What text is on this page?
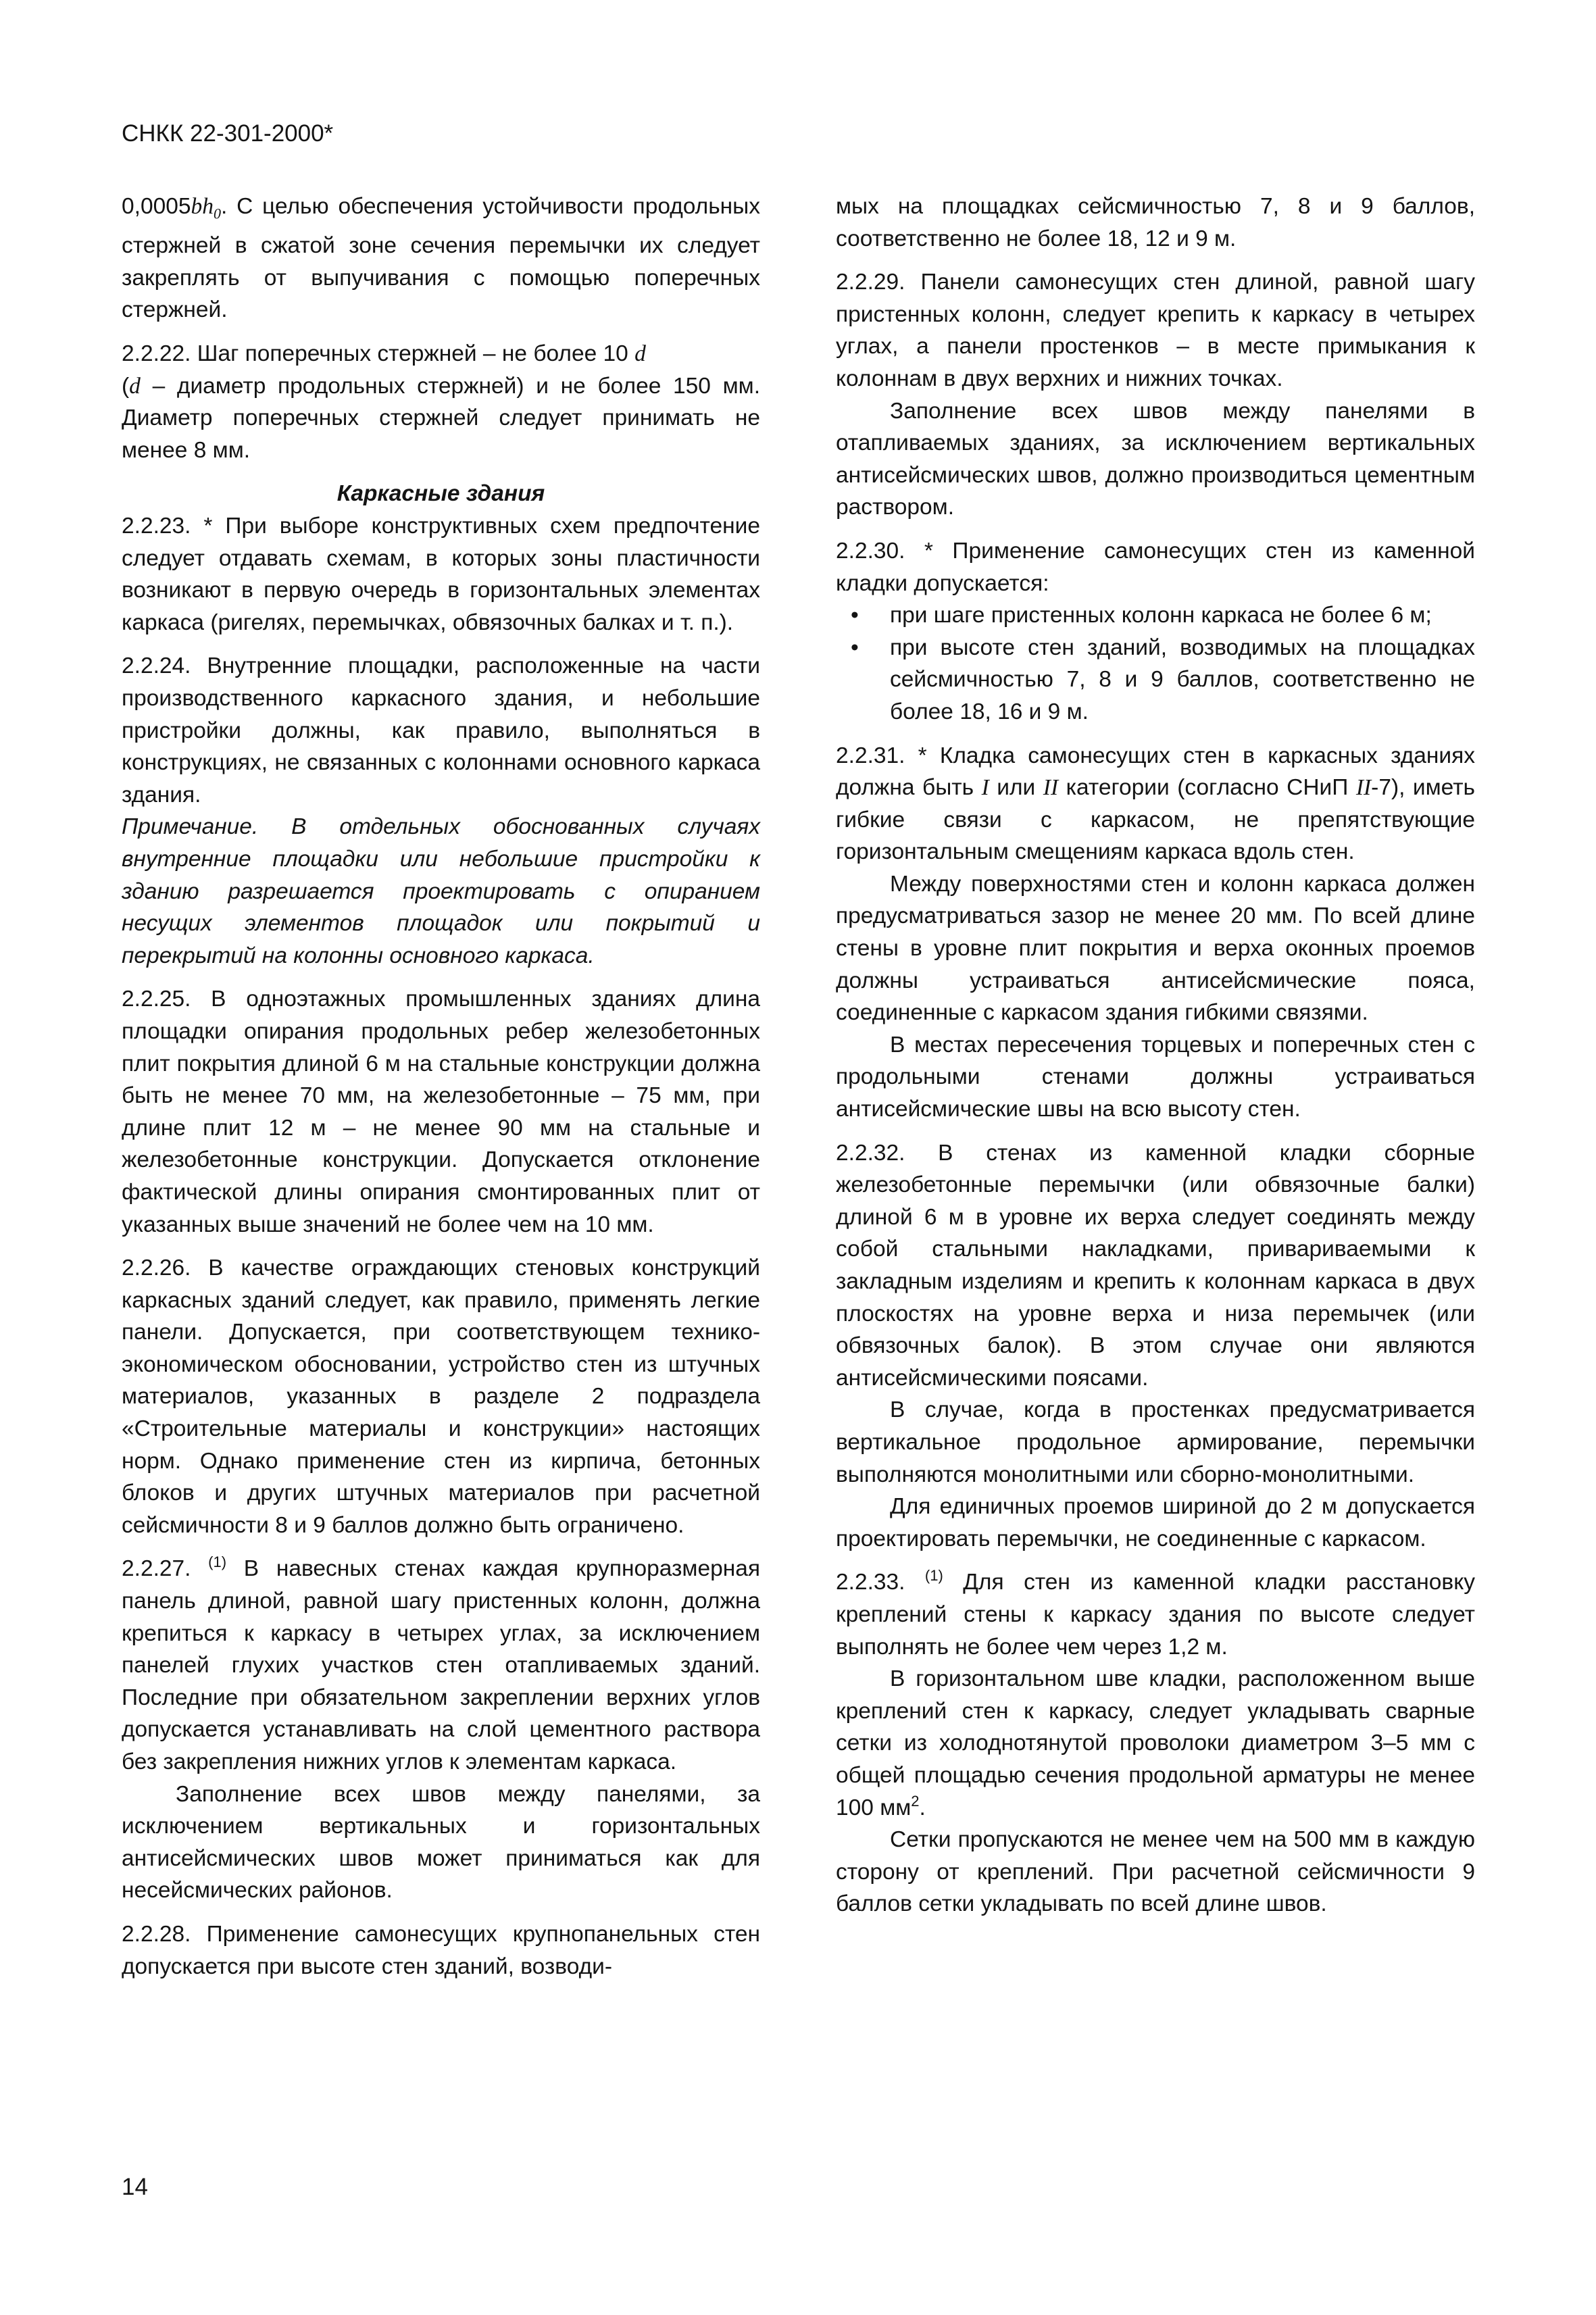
СНКК 22-301-2000*

$0,0005bh_0$. С целью обеспечения устойчивости продольных стержней в сжатой зоне сечения перемычки их следует закреплять от выпучивания с помощью поперечных стержней.

2.2.22. Шаг поперечных стержней – не более 10 d
(d – диаметр продольных стержней) и не более 150 мм. Диаметр поперечных стержней следует принимать не менее 8 мм.

Каркасные здания

2.2.23. * При выборе конструктивных схем предпочтение следует отдавать схемам, в которых зоны пластичности возникают в первую очередь в горизонтальных элементах каркаса (ригелях, перемычках, обвязочных балках и т. п.).

2.2.24. Внутренние площадки, расположенные на части производственного каркасного здания, и небольшие пристройки должны, как правило, выполняться в конструкциях, не связанных с колоннами основного каркаса здания.

Примечание. В отдельных обоснованных случаях внутренние площадки или небольшие пристройки к зданию разрешается проектировать с опиранием несущих элементов площадок или покрытий и перекрытий на колонны основного каркаса.

2.2.25. В одноэтажных промышленных зданиях длина площадки опирания продольных ребер железобетонных плит покрытия длиной 6 м на стальные конструкции должна быть не менее 70 мм, на железобетонные – 75 мм, при длине плит 12 м – не менее 90 мм на стальные и железобетонные конструкции. Допускается отклонение фактической длины опирания смонтированных плит от указанных выше значений не более чем на 10 мм.

2.2.26. В качестве ограждающих стеновых конструкций каркасных зданий следует, как правило, применять легкие панели. Допускается, при соответствующем технико-экономическом обосновании, устройство стен из штучных материалов, указанных в разделе 2 подраздела «Строительные материалы и конструкции» настоящих норм. Однако применение стен из кирпича, бетонных блоков и других штучных материалов при расчетной сейсмичности 8 и 9 баллов должно быть ограничено.

2.2.27. $^{(1)}$ В навесных стенах каждая крупноразмерная панель длиной, равной шагу пристенных колонн, должна крепиться к каркасу в четырех углах, за исключением панелей глухих участков стен отапливаемых зданий. Последние при обязательном закреплении верхних углов допускается устанавливать на слой цементного раствора без закрепления нижних углов к элементам каркаса.

Заполнение всех швов между панелями, за исключением вертикальных и горизонтальных антисейсмических швов может приниматься как для несейсмических районов.

2.2.28. Применение самонесущих крупнопанельных стен допускается при высоте стен зданий, возводи-

мых на площадках сейсмичностью 7, 8 и 9 баллов, соответственно не более 18, 12 и 9 м.

2.2.29. Панели самонесущих стен длиной, равной шагу пристенных колонн, следует крепить к каркасу в четырех углах, а панели простенков – в месте примыкания к колоннам в двух верхних и нижних точках.

Заполнение всех швов между панелями в отапливаемых зданиях, за исключением вертикальных антисейсмических швов, должно производиться цементным раствором.

2.2.30. * Применение самонесущих стен из каменной кладки допускается:

• при шаге пристенных колонн каркаса не более 6 м;
• при высоте стен зданий, возводимых на площадках сейсмичностью 7, 8 и 9 баллов, соответственно не более 18, 16 и 9 м.

2.2.31. * Кладка самонесущих стен в каркасных зданиях должна быть I или II категории (согласно СНиП II-7), иметь гибкие связи с каркасом, не препятствующие горизонтальным смещениям каркаса вдоль стен.

Между поверхностями стен и колонн каркаса должен предусматриваться зазор не менее 20 мм. По всей длине стены в уровне плит покрытия и верха оконных проемов должны устраиваться антисейсмические пояса, соединенные с каркасом здания гибкими связями.

В местах пересечения торцевых и поперечных стен с продольными стенами должны устраиваться антисейсмические швы на всю высоту стен.

2.2.32. В стенах из каменной кладки сборные железобетонные перемычки (или обвязочные балки) длиной 6 м в уровне их верха следует соединять между собой стальными накладками, привариваемыми к закладным изделиям и крепить к колоннам каркаса в двух плоскостях на уровне верха и низа перемычек (или обвязочных балок). В этом случае они являются антисейсмическими поясами.

В случае, когда в простенках предусматривается вертикальное продольное армирование, перемычки выполняются монолитными или сборно-монолитными.

Для единичных проемов шириной до 2 м допускается проектировать перемычки, не соединенные с каркасом.

2.2.33. $^{(1)}$ Для стен из каменной кладки расстановку креплений стены к каркасу здания по высоте следует выполнять не более чем через 1,2 м.

В горизонтальном шве кладки, расположенном выше креплений стен к каркасу, следует укладывать сварные сетки из холоднотянутой проволоки диаметром 3–5 мм с общей площадью сечения продольной арматуры не менее 100 $мм^2$.

Сетки пропускаются не менее чем на 500 мм в каждую сторону от креплений. При расчетной сейсмичности 9 баллов сетки укладывать по всей длине швов.

14
